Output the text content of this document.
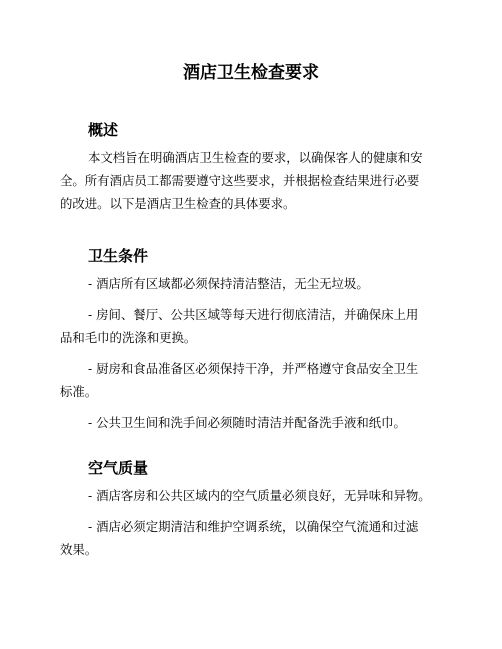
酒店卫生检查要求
概述

本文档旨在明确酒店卫生检查的要求，以确保客人的健康和安

全。所有酒店员工都需要遵守这些要求，并根据检查结果进行必要

的改进。以下是酒店卫生检查的具体要求。

卫生条件

- 酒店所有区域都必须保持清洁整洁，无尘无垃圾。

- 房间、餐厅、公共区域等每天进行彻底清洁，并确保床上用

品和毛巾的洗涤和更换。

- 厨房和食品准备区必须保持干净，并严格遵守食品安全卫生

标准。

- 公共卫生间和洗手间必须随时清洁并配备洗手液和纸巾。

空气质量

- 酒店客房和公共区域内的空气质量必须良好，无异味和异物。

- 酒店必须定期清洁和维护空调系统，以确保空气流通和过滤

效果。
